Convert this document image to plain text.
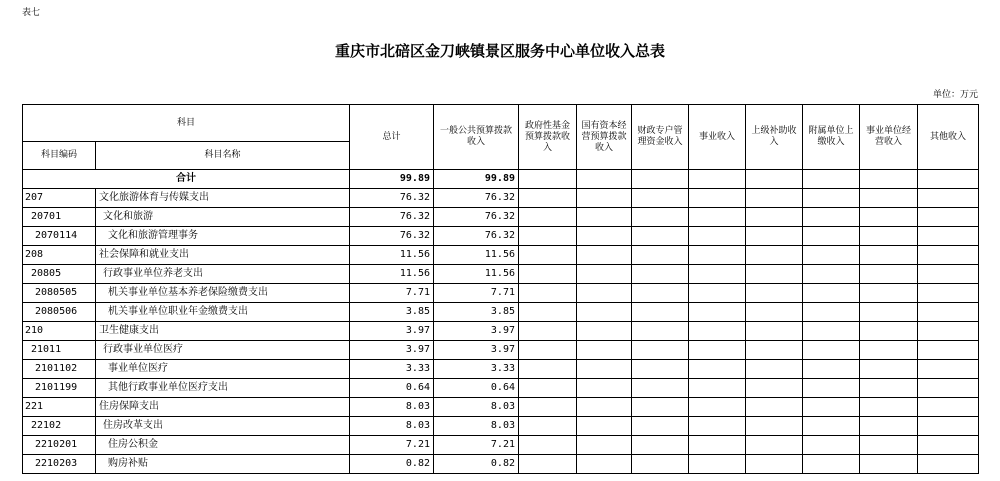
表七
重庆市北碚区金刀峡镇景区服务中心单位收入总表
单位：万元
科目		总计	一般公共预算拨款收入	政府性基金预算拨款收入	国有资本经营预算拨款收入	财政专户管理资金收入	事业收入	上级补助收入	附属单位上缴收入	事业单位经营收入	其他收入
科目编码	科目名称										
合计		99.89	99.89								
207	文化旅游体育与传媒支出	76.32	76.32								
20701	文化和旅游	76.32	76.32								
2070114	文化和旅游管理事务	76.32	76.32								
208	社会保障和就业支出	11.56	11.56								
20805	行政事业单位养老支出	11.56	11.56								
2080505	机关事业单位基本养老保险缴费支出	7.71	7.71								
2080506	机关事业单位职业年金缴费支出	3.85	3.85								
210	卫生健康支出	3.97	3.97								
21011	行政事业单位医疗	3.97	3.97								
2101102	事业单位医疗	3.33	3.33								
2101199	其他行政事业单位医疗支出	0.64	0.64								
221	住房保障支出	8.03	8.03								
22102	住房改革支出	8.03	8.03								
2210201	住房公积金	7.21	7.21								
2210203	购房补贴	0.82	0.82								
